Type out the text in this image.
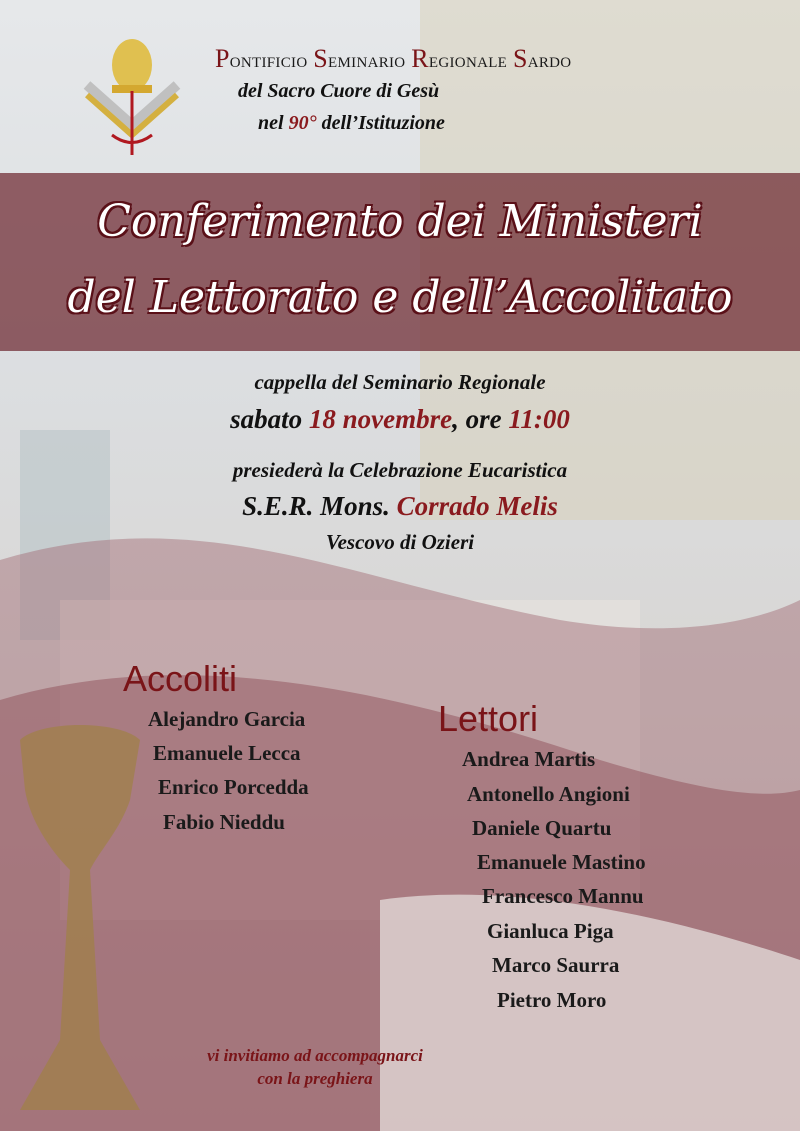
Pontificio Seminario Regionale Sardo
del Sacro Cuore di Gesù
nel 90° dell’Istituzione
Conferimento dei Ministeri
del Lettorato e dell’Accolitato
cappella del Seminario Regionale
sabato 18 novembre, ore 11:00
presiederà la Celebrazione Eucaristica
S.E.R. Mons. Corrado Melis
Vescovo di Ozieri
Accoliti
Alejandro Garcia
Emanuele Lecca
Enrico Porcedda
Fabio Nieddu
Lettori
Andrea Martis
Antonello Angioni
Daniele Quartu
Emanuele Mastino
Francesco Mannu
Gianluca Piga
Marco Saurra
Pietro Moro
vi invitiamo ad accompagnarci
con la preghiera
